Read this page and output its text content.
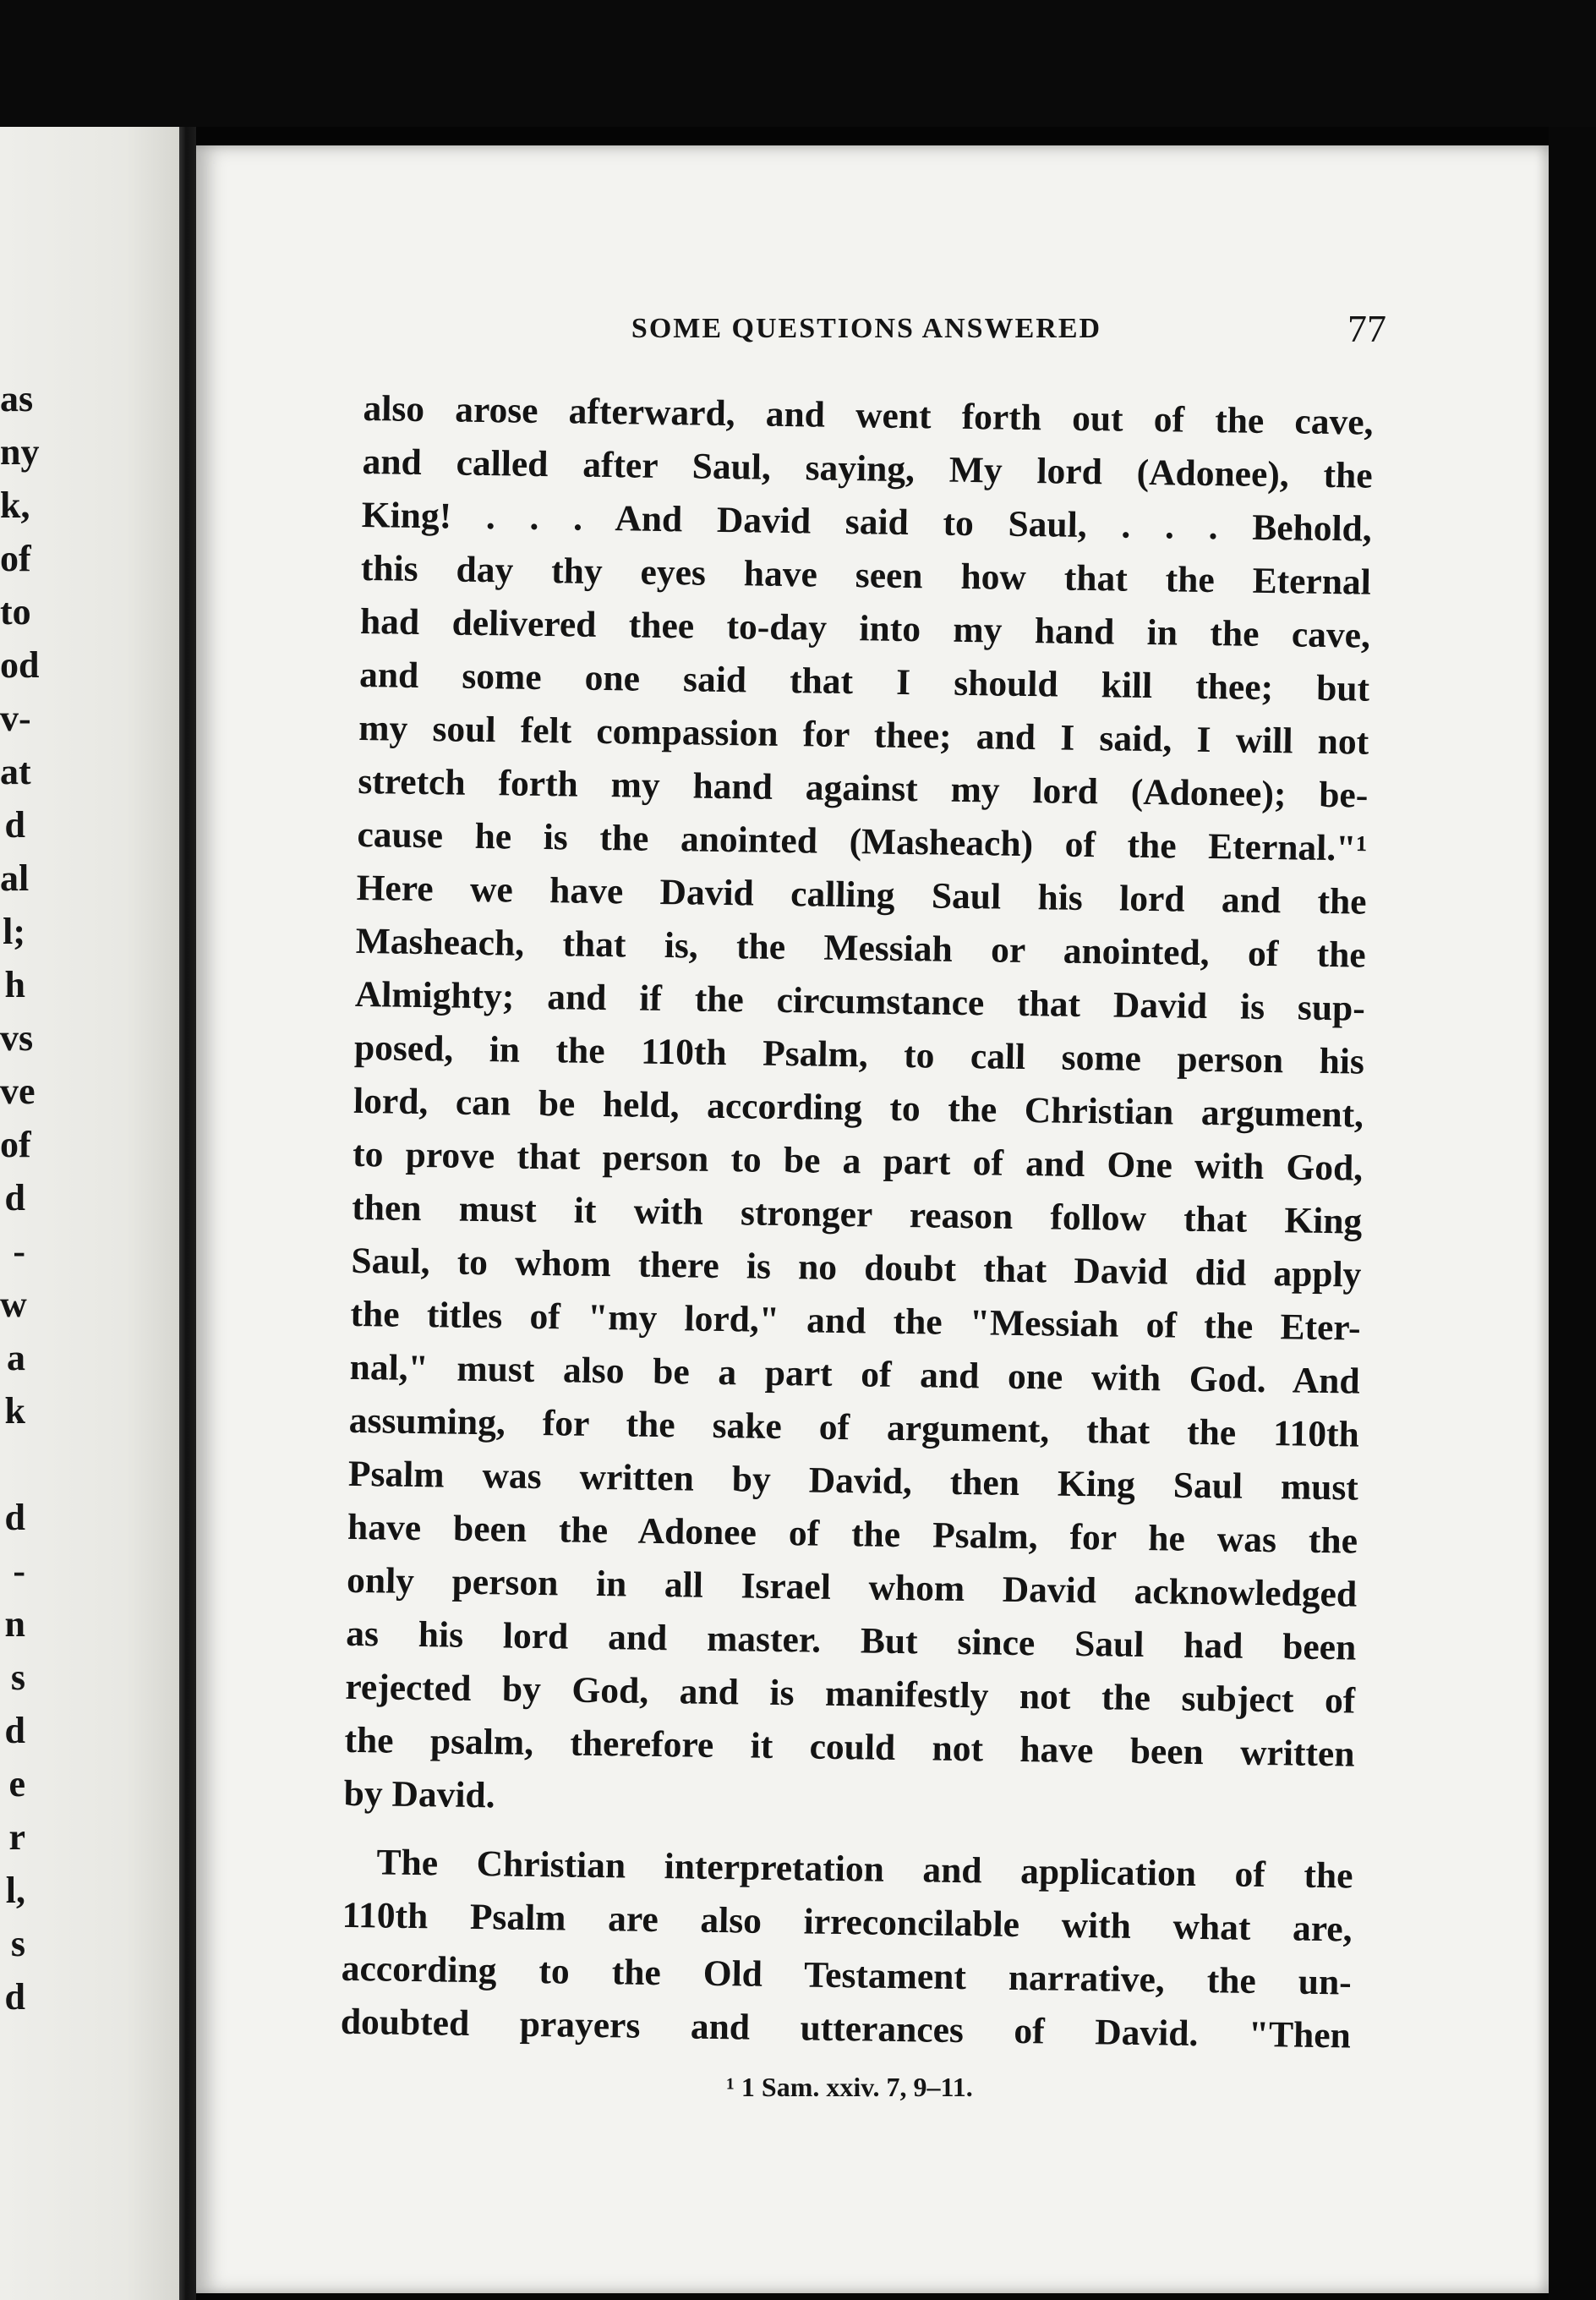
as
ny
k,
of
to
od
v-
at
d
al
l;
h
vs
ve
of
d
-
w
a
k
d
-
n
s
d
e
r
l,
s
d
SOME QUESTIONS ANSWERED	77
also arose afterward, and went forth out of the cave,
and called after Saul, saying, My lord (Adonee), the
King! . . . And David said to Saul, . . . Behold,
this day thy eyes have seen how that the Eternal
had delivered thee to-day into my hand in the cave,
and some one said that I should kill thee; but
my soul felt compassion for thee; and I said, I will not
stretch forth my hand against my lord (Adonee); be-
cause he is the anointed (Masheach) of the Eternal."¹
Here we have David calling Saul his lord and the
Masheach, that is, the Messiah or anointed, of the
Almighty; and if the circumstance that David is sup-
posed, in the 110th Psalm, to call some person his
lord, can be held, according to the Christian argument,
to prove that person to be a part of and One with God,
then must it with stronger reason follow that King
Saul, to whom there is no doubt that David did apply
the titles of "my lord," and the "Messiah of the Eter-
nal," must also be a part of and one with God. And
assuming, for the sake of argument, that the 110th
Psalm was written by David, then King Saul must
have been the Adonee of the Psalm, for he was the
only person in all Israel whom David acknowledged
as his lord and master. But since Saul had been
rejected by God, and is manifestly not the subject of
the psalm, therefore it could not have been written
by David.
The Christian interpretation and application of the
110th Psalm are also irreconcilable with what are,
according to the Old Testament narrative, the un-
doubted prayers and utterances of David. "Then
¹ 1 Sam. xxiv. 7, 9–11.
